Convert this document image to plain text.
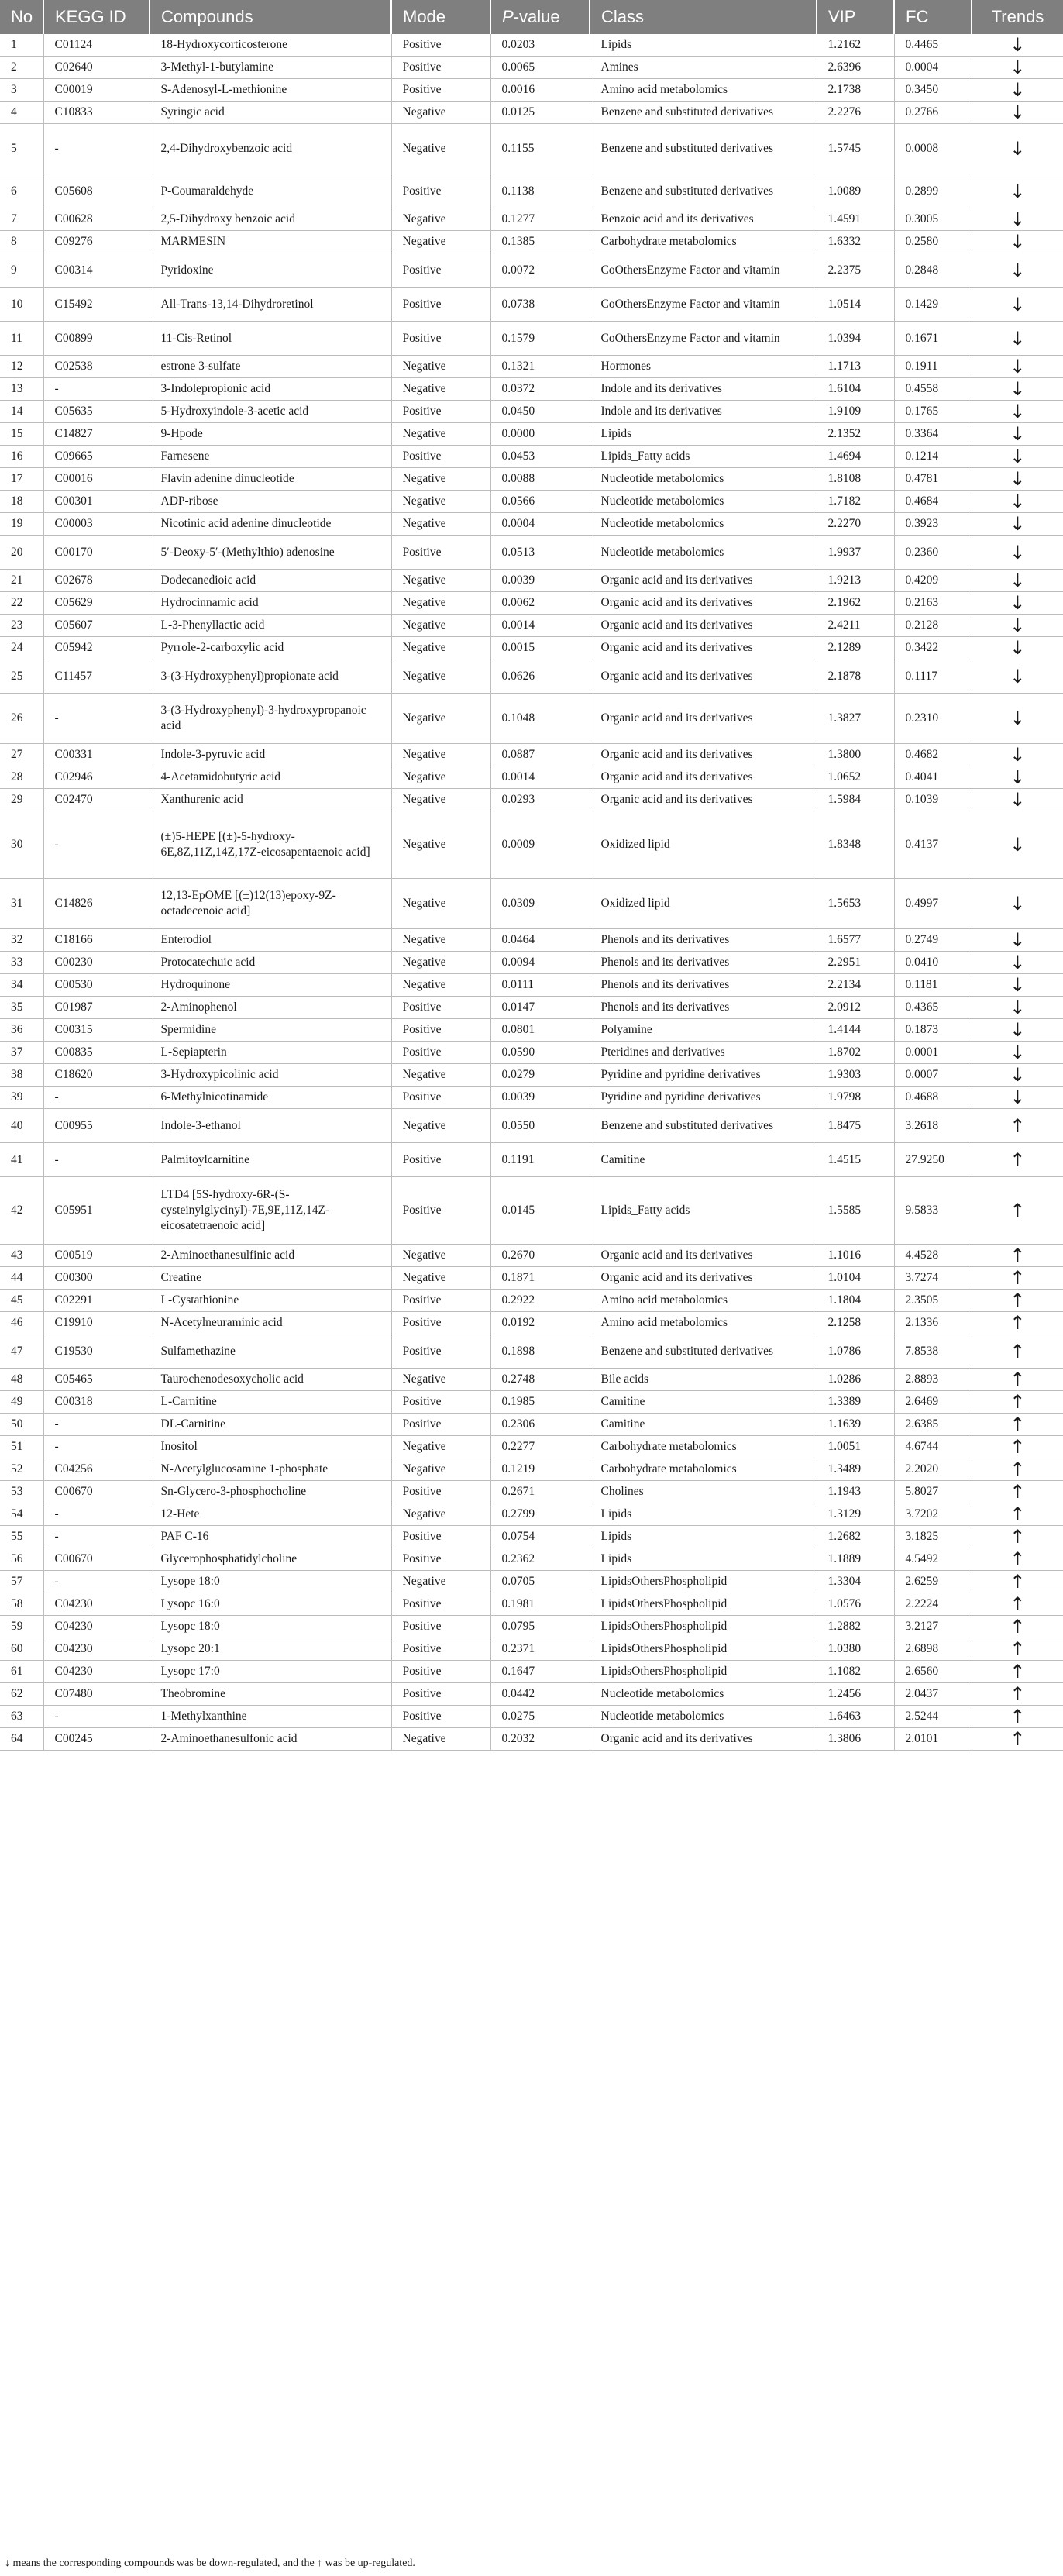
No	KEGG ID	Compounds	Mode	P-value	Class	VIP	FC	Trends
1	C01124	18-Hydroxycorticosterone	Positive	0.0203	Lipids	1.2162	0.4465	↓
2	C02640	3-Methyl-1-butylamine	Positive	0.0065	Amines	2.6396	0.0004	↓
3	C00019	S-Adenosyl-L-methionine	Positive	0.0016	Amino acid metabolomics	2.1738	0.3450	↓
4	C10833	Syringic acid	Negative	0.0125	Benzene and substituted derivatives	2.2276	0.2766	↓
5	-	2,4-Dihydroxybenzoic acid	Negative	0.1155	Benzene and substituted derivatives	1.5745	0.0008	↓
6	C05608	P-Coumaraldehyde	Positive	0.1138	Benzene and substituted derivatives	1.0089	0.2899	↓
7	C00628	2,5-Dihydroxy benzoic acid	Negative	0.1277	Benzoic acid and its derivatives	1.4591	0.3005	↓
8	C09276	MARMESIN	Negative	0.1385	Carbohydrate metabolomics	1.6332	0.2580	↓
9	C00314	Pyridoxine	Positive	0.0072	CoOthersEnzyme Factor and vitamin	2.2375	0.2848	↓
10	C15492	All-Trans-13,14-Dihydroretinol	Positive	0.0738	CoOthersEnzyme Factor and vitamin	1.0514	0.1429	↓
11	C00899	11-Cis-Retinol	Positive	0.1579	CoOthersEnzyme Factor and vitamin	1.0394	0.1671	↓
12	C02538	estrone 3-sulfate	Negative	0.1321	Hormones	1.1713	0.1911	↓
13	-	3-Indolepropionic acid	Negative	0.0372	Indole and its derivatives	1.6104	0.4558	↓
14	C05635	5-Hydroxyindole-3-acetic acid	Positive	0.0450	Indole and its derivatives	1.9109	0.1765	↓
15	C14827	9-Hpode	Negative	0.0000	Lipids	2.1352	0.3364	↓
16	C09665	Farnesene	Positive	0.0453	Lipids_Fatty acids	1.4694	0.1214	↓
17	C00016	Flavin adenine dinucleotide	Negative	0.0088	Nucleotide metabolomics	1.8108	0.4781	↓
18	C00301	ADP-ribose	Negative	0.0566	Nucleotide metabolomics	1.7182	0.4684	↓
19	C00003	Nicotinic acid adenine dinucleotide	Negative	0.0004	Nucleotide metabolomics	2.2270	0.3923	↓
20	C00170	5′-Deoxy-5′-(Methylthio) adenosine	Positive	0.0513	Nucleotide metabolomics	1.9937	0.2360	↓
21	C02678	Dodecanedioic acid	Negative	0.0039	Organic acid and its derivatives	1.9213	0.4209	↓
22	C05629	Hydrocinnamic acid	Negative	0.0062	Organic acid and its derivatives	2.1962	0.2163	↓
23	C05607	L-3-Phenyllactic acid	Negative	0.0014	Organic acid and its derivatives	2.4211	0.2128	↓
24	C05942	Pyrrole-2-carboxylic acid	Negative	0.0015	Organic acid and its derivatives	2.1289	0.3422	↓
25	C11457	3-(3-Hydroxyphenyl)propionate acid	Negative	0.0626	Organic acid and its derivatives	2.1878	0.1117	↓
26	-	3-(3-Hydroxyphenyl)-3-hydroxypropanoic acid	Negative	0.1048	Organic acid and its derivatives	1.3827	0.2310	↓
27	C00331	Indole-3-pyruvic acid	Negative	0.0887	Organic acid and its derivatives	1.3800	0.4682	↓
28	C02946	4-Acetamidobutyric acid	Negative	0.0014	Organic acid and its derivatives	1.0652	0.4041	↓
29	C02470	Xanthurenic acid	Negative	0.0293	Organic acid and its derivatives	1.5984	0.1039	↓
30	-	(±)5-HEPE [(±)-5-hydroxy-6E,8Z,11Z,14Z,17Z-eicosapentaenoic acid]	Negative	0.0009	Oxidized lipid	1.8348	0.4137	↓
31	C14826	12,13-EpOME [(±)12(13)epoxy-9Z-octadecenoic acid]	Negative	0.0309	Oxidized lipid	1.5653	0.4997	↓
32	C18166	Enterodiol	Negative	0.0464	Phenols and its derivatives	1.6577	0.2749	↓
33	C00230	Protocatechuic acid	Negative	0.0094	Phenols and its derivatives	2.2951	0.0410	↓
34	C00530	Hydroquinone	Negative	0.0111	Phenols and its derivatives	2.2134	0.1181	↓
35	C01987	2-Aminophenol	Positive	0.0147	Phenols and its derivatives	2.0912	0.4365	↓
36	C00315	Spermidine	Positive	0.0801	Polyamine	1.4144	0.1873	↓
37	C00835	L-Sepiapterin	Positive	0.0590	Pteridines and derivatives	1.8702	0.0001	↓
38	C18620	3-Hydroxypicolinic acid	Negative	0.0279	Pyridine and pyridine derivatives	1.9303	0.0007	↓
39	-	6-Methylnicotinamide	Positive	0.0039	Pyridine and pyridine derivatives	1.9798	0.4688	↓
40	C00955	Indole-3-ethanol	Negative	0.0550	Benzene and substituted derivatives	1.8475	3.2618	↑
41	-	Palmitoylcarnitine	Positive	0.1191	Camitine	1.4515	27.9250	↑
42	C05951	LTD4 [5S-hydroxy-6R-(S-cysteinylglycinyl)-7E,9E,11Z,14Z-eicosatetraenoic acid]	Positive	0.0145	Lipids_Fatty acids	1.5585	9.5833	↑
43	C00519	2-Aminoethanesulfinic acid	Negative	0.2670	Organic acid and its derivatives	1.1016	4.4528	↑
44	C00300	Creatine	Negative	0.1871	Organic acid and its derivatives	1.0104	3.7274	↑
45	C02291	L-Cystathionine	Positive	0.2922	Amino acid metabolomics	1.1804	2.3505	↑
46	C19910	N-Acetylneuraminic acid	Positive	0.0192	Amino acid metabolomics	2.1258	2.1336	↑
47	C19530	Sulfamethazine	Positive	0.1898	Benzene and substituted derivatives	1.0786	7.8538	↑
48	C05465	Taurochenodesoxycholic acid	Negative	0.2748	Bile acids	1.0286	2.8893	↑
49	C00318	L-Carnitine	Positive	0.1985	Camitine	1.3389	2.6469	↑
50	-	DL-Carnitine	Positive	0.2306	Camitine	1.1639	2.6385	↑
51	-	Inositol	Negative	0.2277	Carbohydrate metabolomics	1.0051	4.6744	↑
52	C04256	N-Acetylglucosamine 1-phosphate	Negative	0.1219	Carbohydrate metabolomics	1.3489	2.2020	↑
53	C00670	Sn-Glycero-3-phosphocholine	Positive	0.2671	Cholines	1.1943	5.8027	↑
54	-	12-Hete	Negative	0.2799	Lipids	1.3129	3.7202	↑
55	-	PAF C-16	Positive	0.0754	Lipids	1.2682	3.1825	↑
56	C00670	Glycerophosphatidylcholine	Positive	0.2362	Lipids	1.1889	4.5492	↑
57	-	Lysope 18:0	Negative	0.0705	LipidsOthersPhospholipid	1.3304	2.6259	↑
58	C04230	Lysopc 16:0	Positive	0.1981	LipidsOthersPhospholipid	1.0576	2.2224	↑
59	C04230	Lysopc 18:0	Positive	0.0795	LipidsOthersPhospholipid	1.2882	3.2127	↑
60	C04230	Lysopc 20:1	Positive	0.2371	LipidsOthersPhospholipid	1.0380	2.6898	↑
61	C04230	Lysopc 17:0	Positive	0.1647	LipidsOthersPhospholipid	1.1082	2.6560	↑
62	C07480	Theobromine	Positive	0.0442	Nucleotide metabolomics	1.2456	2.0437	↑
63	-	1-Methylxanthine	Positive	0.0275	Nucleotide metabolomics	1.6463	2.5244	↑
64	C00245	2-Aminoethanesulfonic acid	Negative	0.2032	Organic acid and its derivatives	1.3806	2.0101	↑
↓ means the corresponding compounds was be down-regulated, and the ↑ was be up-regulated.
